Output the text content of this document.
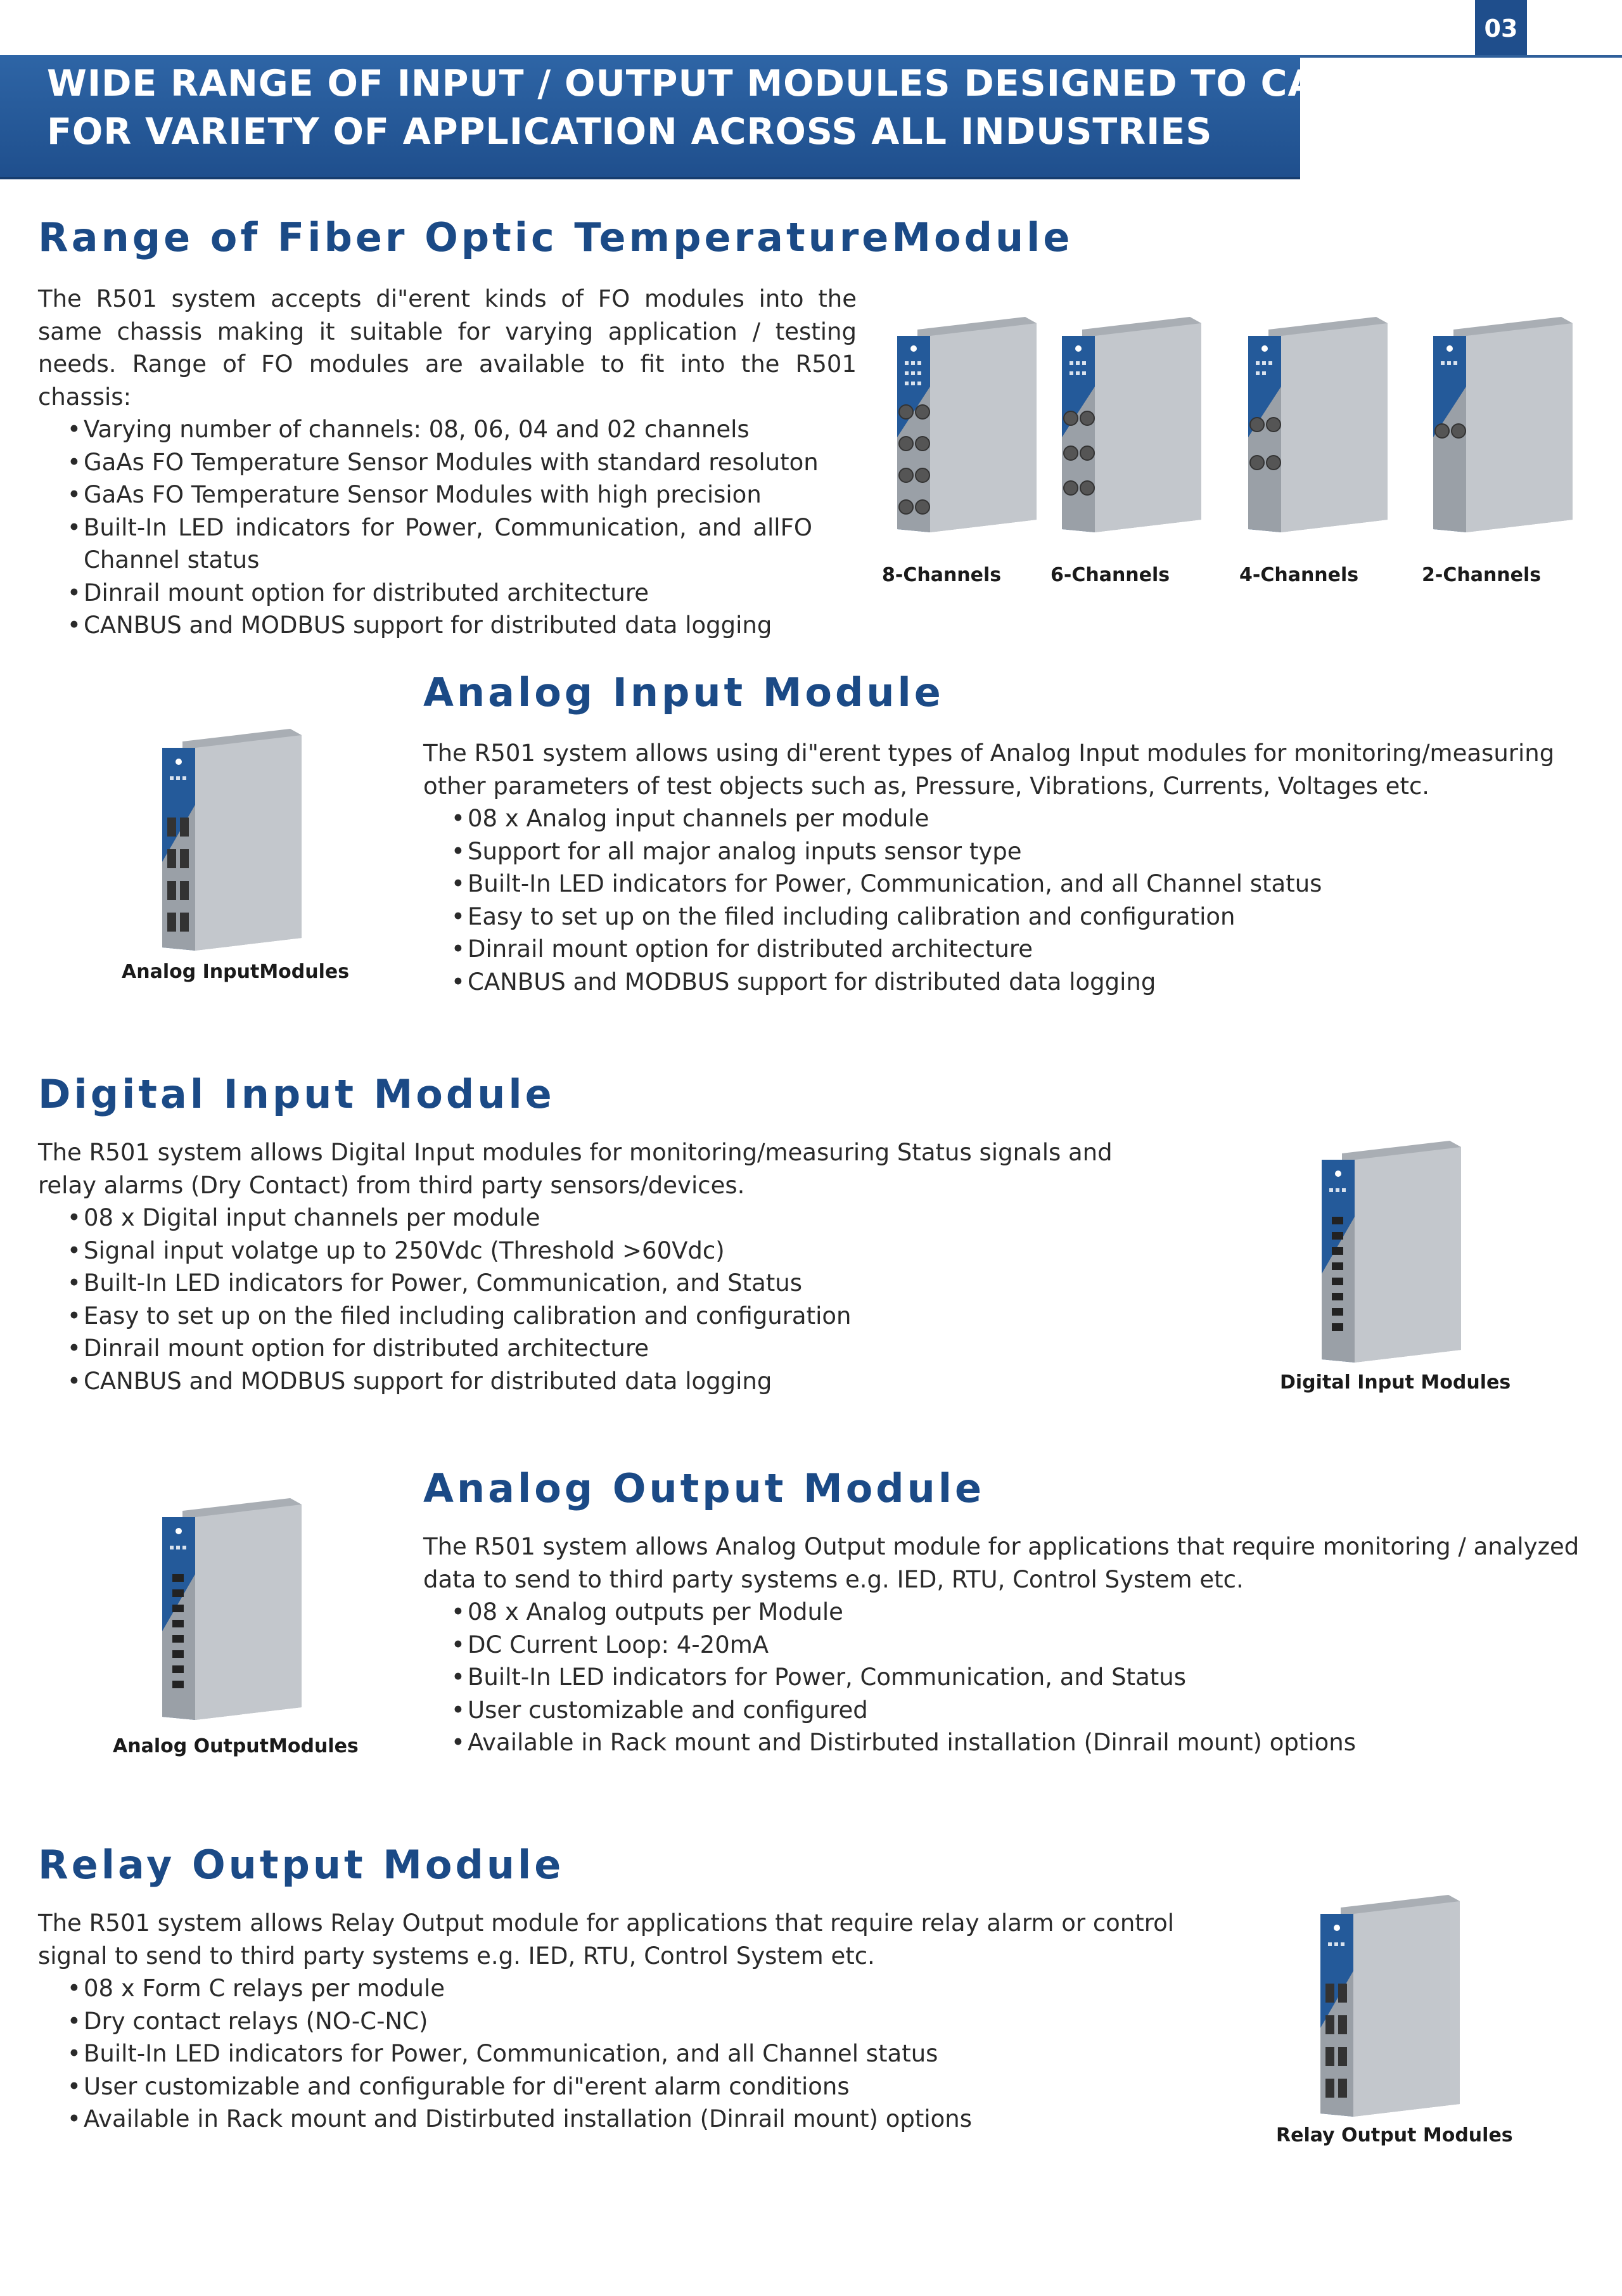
03
WIDE RANGE OF INPUT / OUTPUT MODULES DESIGNED TO CATER
FOR VARIETY OF APPLICATION ACROSS ALL INDUSTRIES
Range of Fiber Optic TemperatureModule

The R501 system accepts di"erent kinds of FO modules into the same chassis making it suitable for varying application / testing needs. Range of FO modules are available to fit into the R501 chassis:

• Varying number of channels: 08, 06, 04 and 02 channels
• GaAs FO Temperature Sensor Modules with standard resoluton
• GaAs FO Temperature Sensor Modules with high precision
• Built-In LED indicators for Power, Communication, and allFO Channel status
• Dinrail mount option for distributed architecture
• CANBUS and MODBUS support for distributed data logging
8-Channels	6-Channels	4-Channels	2-Channels
Analog InputModules
Analog Input Module

The R501 system allows using di"erent types of Analog Input modules for monitoring/measuring other parameters of test objects such as, Pressure, Vibrations, Currents, Voltages etc.

• 08 x Analog input channels per module
• Support for all major analog inputs sensor type
• Built-In LED indicators for Power, Communication, and all Channel status
• Easy to set up on the filed including calibration and configuration
• Dinrail mount option for distributed architecture
• CANBUS and MODBUS support for distributed data logging
Digital Input Module

The R501 system allows Digital Input modules for monitoring/measuring Status signals and relay alarms (Dry Contact) from third party sensors/devices.

• 08 x Digital input channels per module
• Signal input volatge up to 250Vdc (Threshold >60Vdc)
• Built-In LED indicators for Power, Communication, and Status
• Easy to set up on the filed including calibration and configuration
• Dinrail mount option for distributed architecture
• CANBUS and MODBUS support for distributed data logging	Digital Input Modules
Analog OutputModules
Analog Output Module

The R501 system allows Analog Output module for applications that require monitoring / analyzed data to send to third party systems e.g. IED, RTU, Control System etc.

• 08 x Analog outputs per Module
• DC Current Loop: 4-20mA
• Built-In LED indicators for Power, Communication, and Status
• User customizable and configured
• Available in Rack mount and Distirbuted installation (Dinrail mount) options
Relay Output Module

The R501 system allows Relay Output module for applications that require relay alarm or control signal to send to third party systems e.g. IED, RTU, Control System etc.

• 08 x Form C relays per module
• Dry contact relays (NO-C-NC)
• Built-In LED indicators for Power, Communication, and all Channel status
• User customizable and configurable for di"erent alarm conditions
• Available in Rack mount and Distirbuted installation (Dinrail mount) options
Relay Output Modules
